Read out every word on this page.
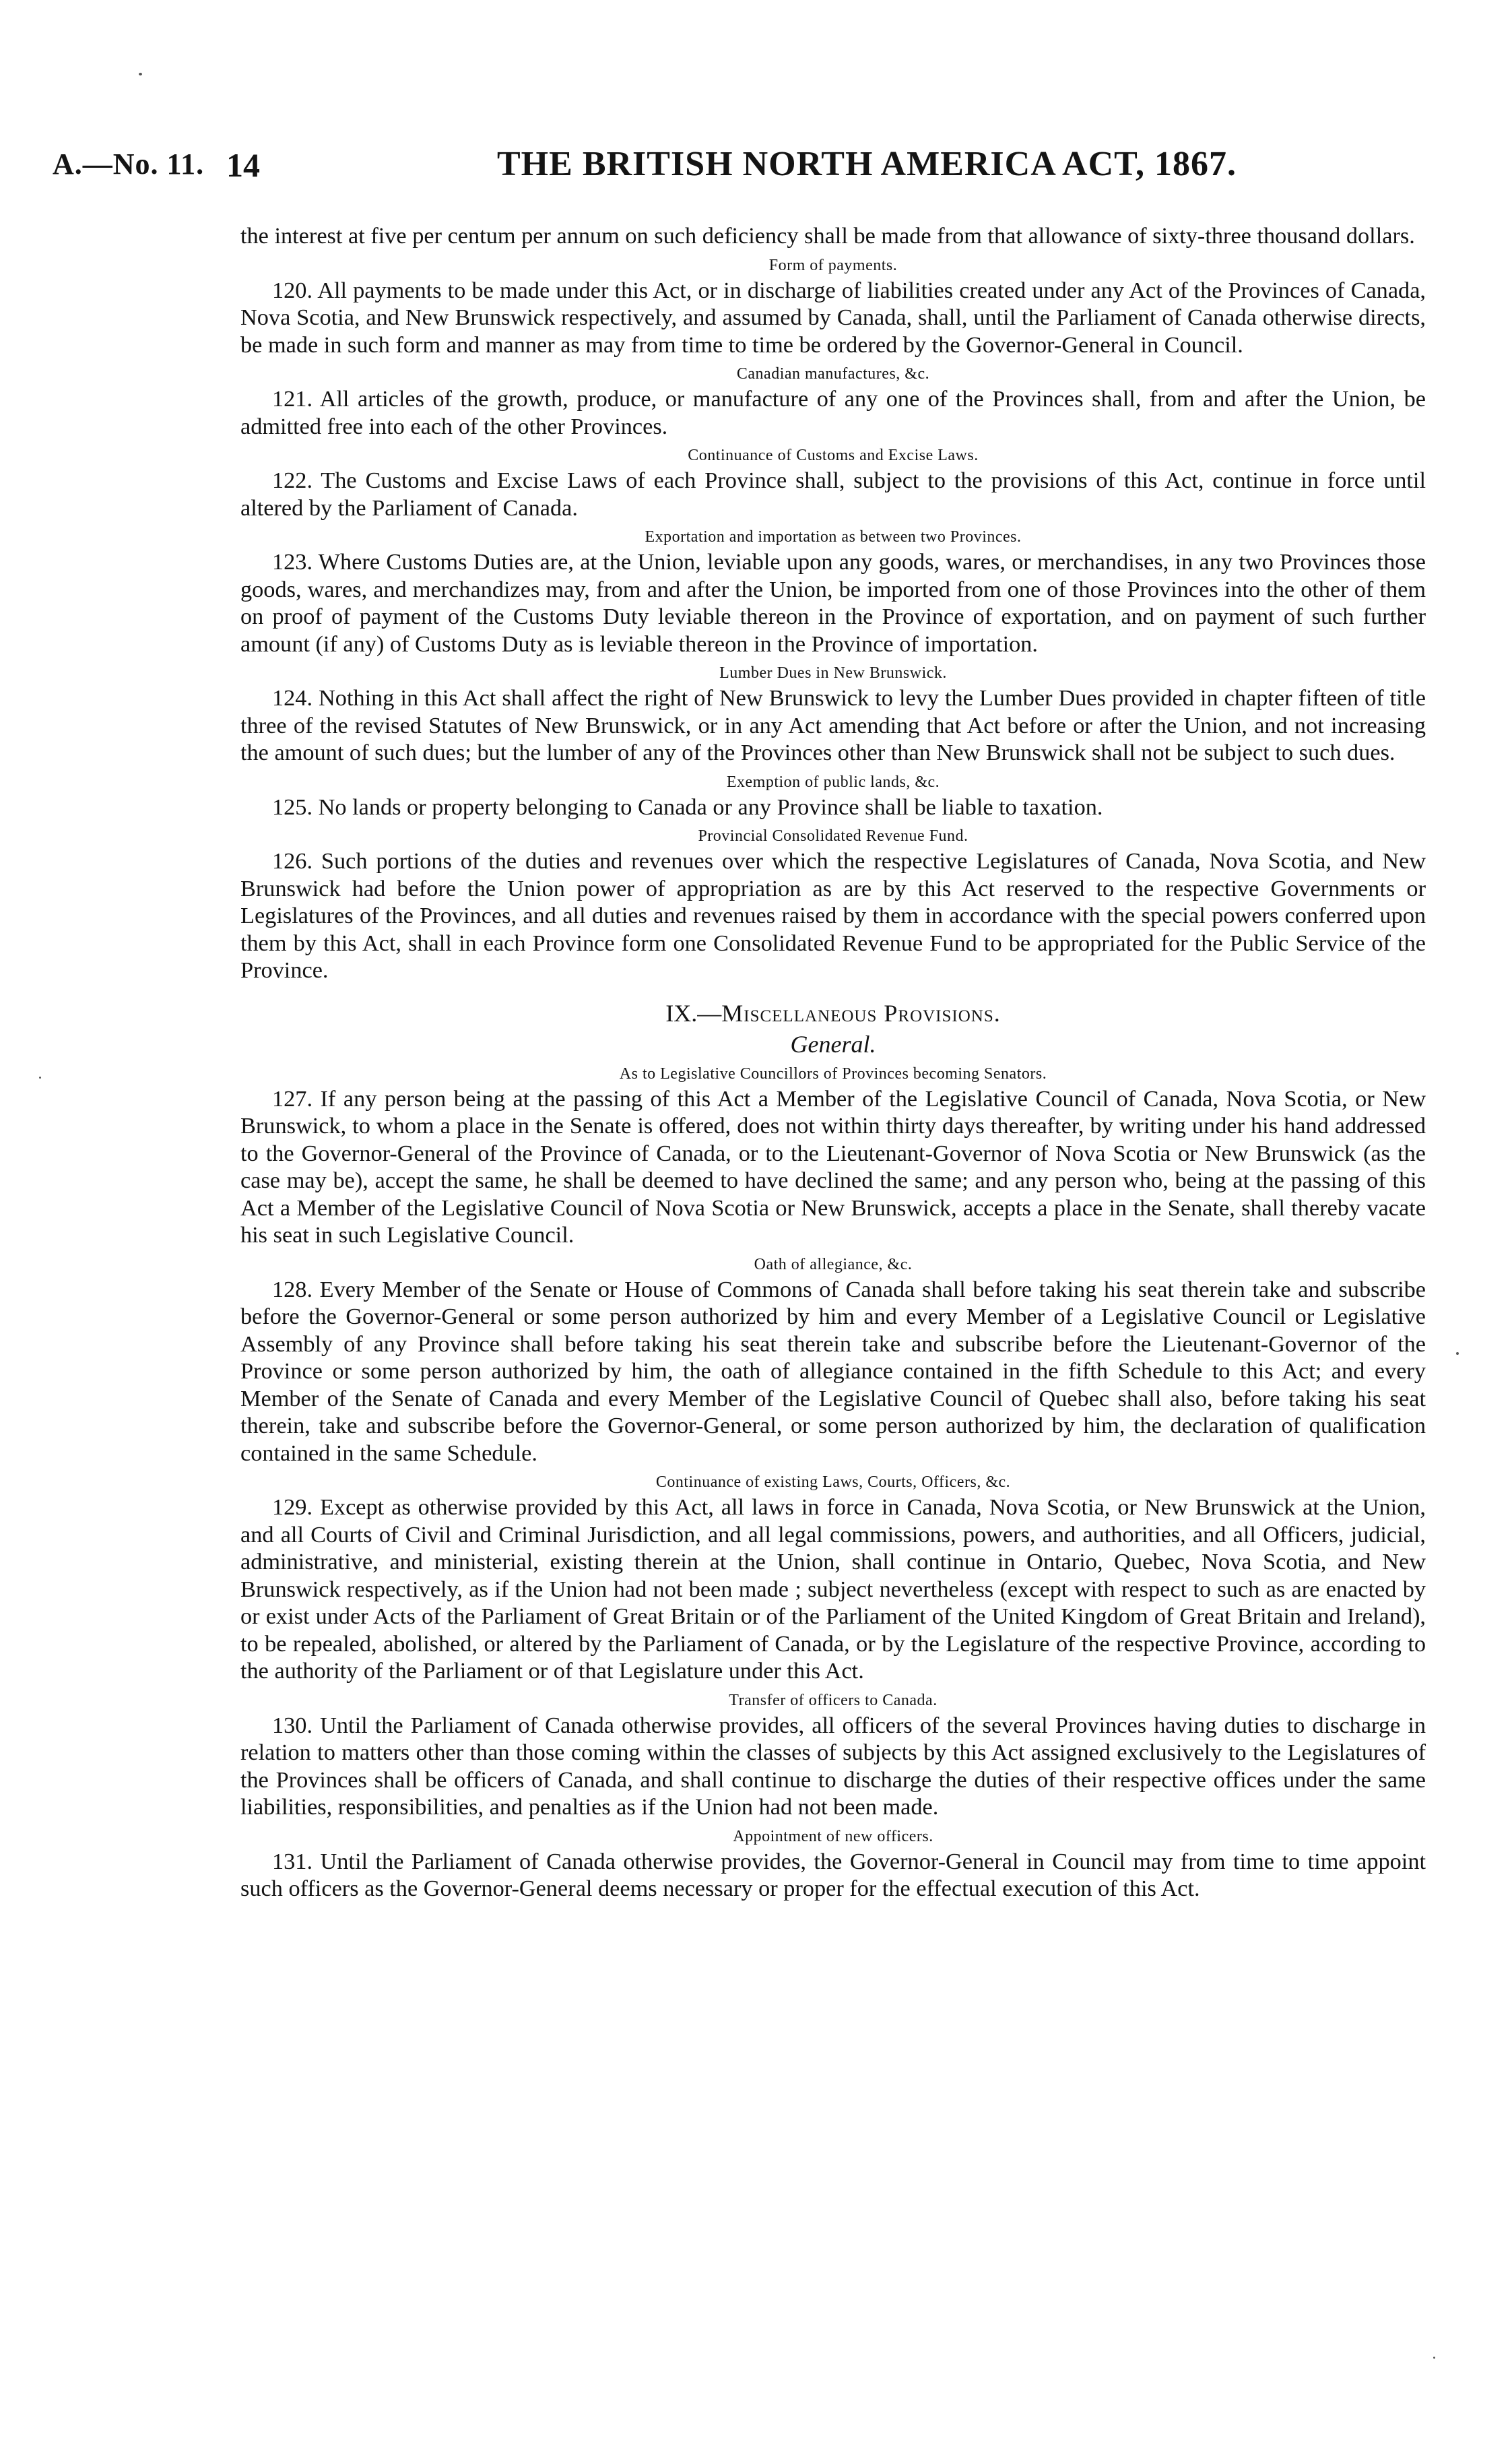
A.—No. 11. 14	THE BRITISH NORTH AMERICA ACT, 1867.

the interest at five per centum per annum on such deficiency shall be made from that allowance of sixty-three thousand dollars.

Form of payments.

120. All payments to be made under this Act, or in discharge of liabilities created under any Act of the Provinces of Canada, Nova Scotia, and New Brunswick respectively, and assumed by Canada, shall, until the Parliament of Canada otherwise directs, be made in such form and manner as may from time to time be ordered by the Governor-General in Council.

Canadian manufactures, &c.

121. All articles of the growth, produce, or manufacture of any one of the Provinces shall, from and after the Union, be admitted free into each of the other Provinces.

Continuance of Customs and Excise Laws.

122. The Customs and Excise Laws of each Province shall, subject to the provisions of this Act, continue in force until altered by the Parliament of Canada.

Exportation and importation as between two Provinces.

123. Where Customs Duties are, at the Union, leviable upon any goods, wares, or merchandises, in any two Provinces those goods, wares, and merchandizes may, from and after the Union, be imported from one of those Provinces into the other of them on proof of payment of the Customs Duty leviable thereon in the Province of exportation, and on payment of such further amount (if any) of Customs Duty as is leviable thereon in the Province of importation.

Lumber Dues in New Brunswick.

124. Nothing in this Act shall affect the right of New Brunswick to levy the Lumber Dues provided in chapter fifteen of title three of the revised Statutes of New Brunswick, or in any Act amending that Act before or after the Union, and not increasing the amount of such dues; but the lumber of any of the Provinces other than New Brunswick shall not be subject to such dues.

Exemption of public lands, &c.

125. No lands or property belonging to Canada or any Province shall be liable to taxation.

Provincial Consolidated Revenue Fund.

126. Such portions of the duties and revenues over which the respective Legislatures of Canada, Nova Scotia, and New Brunswick had before the Union power of appropriation as are by this Act reserved to the respective Governments or Legislatures of the Provinces, and all duties and revenues raised by them in accordance with the special powers conferred upon them by this Act, shall in each Province form one Consolidated Revenue Fund to be appropriated for the Public Service of the Province.

IX.—Miscellaneous Provisions.
General.
As to Legislative Councillors of Provinces becoming Senators.

127. If any person being at the passing of this Act a Member of the Legislative Council of Canada, Nova Scotia, or New Brunswick, to whom a place in the Senate is offered, does not within thirty days thereafter, by writing under his hand addressed to the Governor-General of the Province of Canada, or to the Lieutenant-Governor of Nova Scotia or New Brunswick (as the case may be), accept the same, he shall be deemed to have declined the same; and any person who, being at the passing of this Act a Member of the Legislative Council of Nova Scotia or New Brunswick, accepts a place in the Senate, shall thereby vacate his seat in such Legislative Council.

Oath of allegiance, &c.

128. Every Member of the Senate or House of Commons of Canada shall before taking his seat therein take and subscribe before the Governor-General or some person authorized by him and every Member of a Legislative Council or Legislative Assembly of any Province shall before taking his seat therein take and subscribe before the Lieutenant-Governor of the Province or some person authorized by him, the oath of allegiance contained in the fifth Schedule to this Act; and every Member of the Senate of Canada and every Member of the Legislative Council of Quebec shall also, before taking his seat therein, take and subscribe before the Governor-General, or some person authorized by him, the declaration of qualification contained in the same Schedule.

Continuance of existing Laws, Courts, Officers, &c.

129. Except as otherwise provided by this Act, all laws in force in Canada, Nova Scotia, or New Brunswick at the Union, and all Courts of Civil and Criminal Jurisdiction, and all legal commissions, powers, and authorities, and all Officers, judicial, administrative, and ministerial, existing therein at the Union, shall continue in Ontario, Quebec, Nova Scotia, and New Brunswick respectively, as if the Union had not been made ; subject nevertheless (except with respect to such as are enacted by or exist under Acts of the Parliament of Great Britain or of the Parliament of the United Kingdom of Great Britain and Ireland), to be repealed, abolished, or altered by the Parliament of Canada, or by the Legislature of the respective Province, according to the authority of the Parliament or of that Legislature under this Act.

Transfer of officers to Canada.

130. Until the Parliament of Canada otherwise provides, all officers of the several Provinces having duties to discharge in relation to matters other than those coming within the classes of subjects by this Act assigned exclusively to the Legislatures of the Provinces shall be officers of Canada, and shall continue to discharge the duties of their respective offices under the same liabilities, responsibilities, and penalties as if the Union had not been made.

Appointment of new officers.

131. Until the Parliament of Canada otherwise provides, the Governor-General in Council may from time to time appoint such officers as the Governor-General deems necessary or proper for the effectual execution of this Act.
